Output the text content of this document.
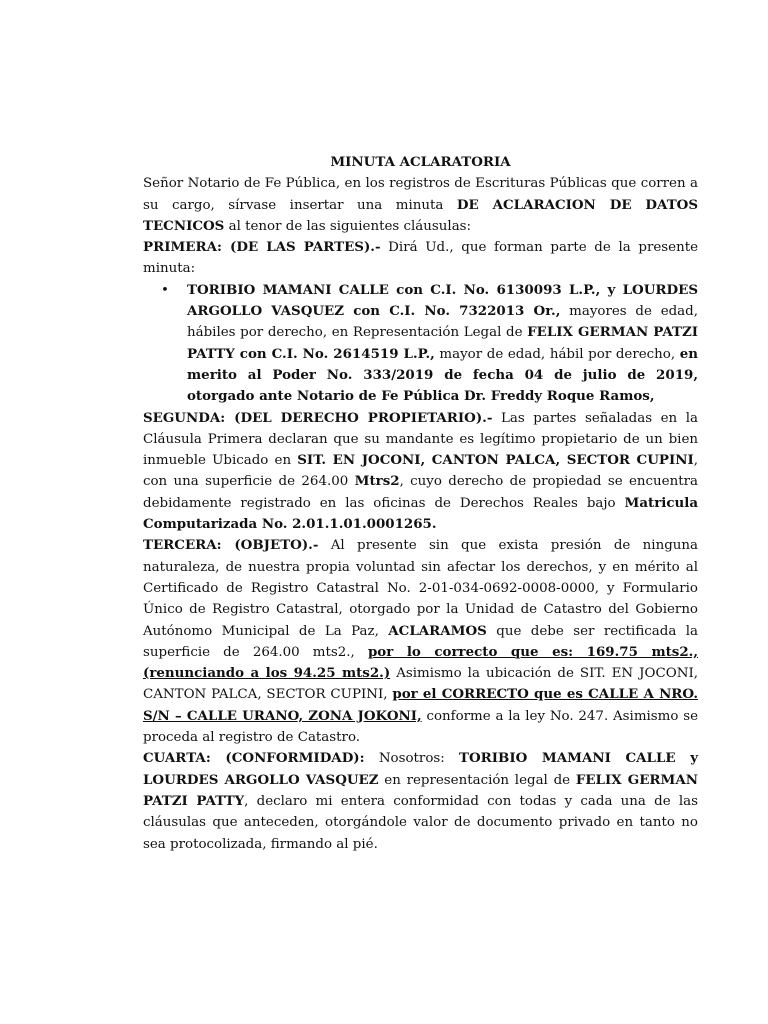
MINUTA ACLARATORIA

Señor Notario de Fe Pública, en los registros de Escrituras Públicas que corren a su cargo, sírvase insertar una minuta DE ACLARACION DE DATOS TECNICOS al tenor de las siguientes cláusulas:

PRIMERA: (DE LAS PARTES).- Dirá Ud., que forman parte de la presente minuta:

• TORIBIO MAMANI CALLE con C.I. No. 6130093 L.P., y LOURDES ARGOLLO VASQUEZ con C.I. No. 7322013 Or., mayores de edad, hábiles por derecho, en Representación Legal de FELIX GERMAN PATZI PATTY con C.I. No. 2614519 L.P., mayor de edad, hábil por derecho, en merito al Poder No. 333/2019 de fecha 04 de julio de 2019, otorgado ante Notario de Fe Pública Dr. Freddy Roque Ramos,

SEGUNDA: (DEL DERECHO PROPIETARIO).- Las partes señaladas en la Cláusula Primera declaran que su mandante es legítimo propietario de un bien inmueble Ubicado en SIT. EN JOCONI, CANTON PALCA, SECTOR CUPINI, con una superficie de 264.00 Mtrs2, cuyo derecho de propiedad se encuentra debidamente registrado en las oficinas de Derechos Reales bajo Matricula Computarizada No. 2.01.1.01.0001265.

TERCERA: (OBJETO).- Al presente sin que exista presión de ninguna naturaleza, de nuestra propia voluntad sin afectar los derechos, y en mérito al Certificado de Registro Catastral No. 2-01-034-0692-0008-0000, y Formulario Único de Registro Catastral, otorgado por la Unidad de Catastro del Gobierno Autónomo Municipal de La Paz, ACLARAMOS que debe ser rectificada la superficie de 264.00 mts2., por lo correcto que es: 169.75 mts2., (renunciando a los 94.25 mts2.) Asimismo la ubicación de SIT. EN JOCONI, CANTON PALCA, SECTOR CUPINI, por el CORRECTO que es CALLE A NRO. S/N – CALLE URANO, ZONA JOKONI, conforme a la ley No. 247. Asimismo se proceda al registro de Catastro.

CUARTA: (CONFORMIDAD): Nosotros: TORIBIO MAMANI CALLE y LOURDES ARGOLLO VASQUEZ en representación legal de FELIX GERMAN PATZI PATTY, declaro mi entera conformidad con todas y cada una de las cláusulas que anteceden, otorgándole valor de documento privado en tanto no sea protocolizada, firmando al pié.
